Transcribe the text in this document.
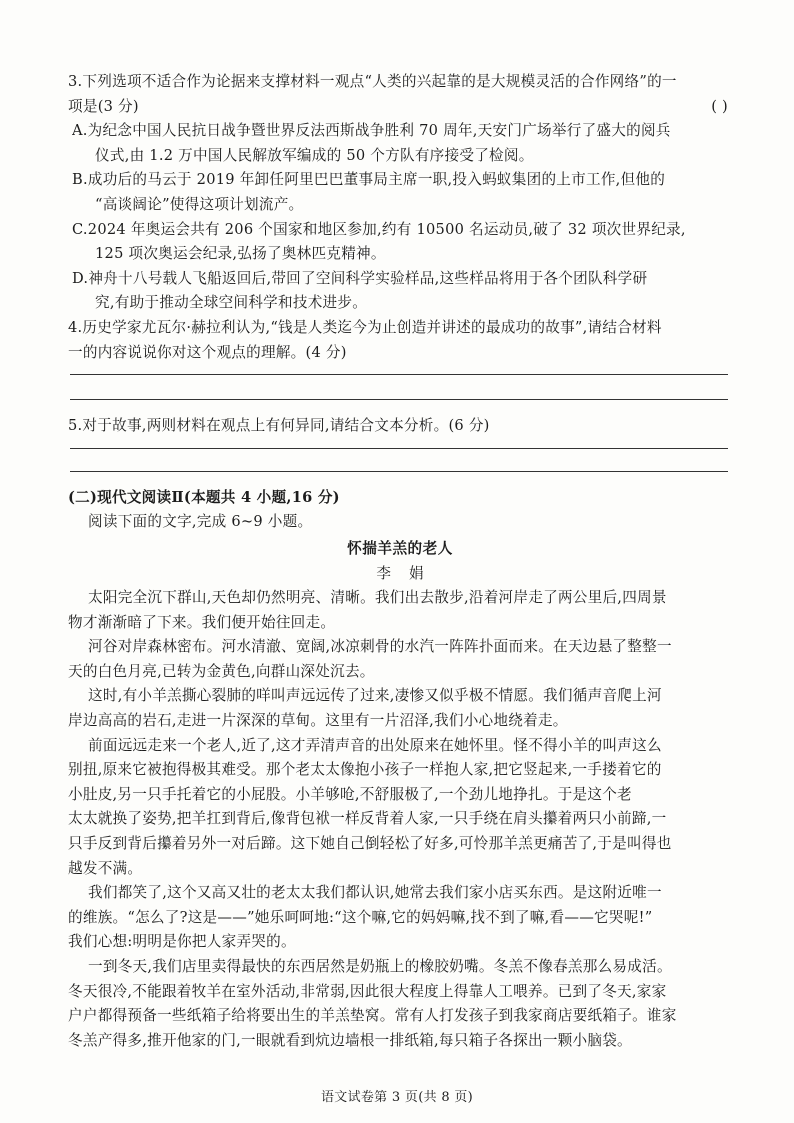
3.下列选项不适合作为论据来支撑材料一观点“人类的兴起靠的是大规模灵活的合作网络”的一
项是(3 分)	( )
A.为纪念中国人民抗日战争暨世界反法西斯战争胜利 70 周年,天安门广场举行了盛大的阅兵
仪式,由 1.2 万中国人民解放军编成的 50 个方队有序接受了检阅。
B.成功后的马云于 2019 年卸任阿里巴巴董事局主席一职,投入蚂蚁集团的上市工作,但他的
“高谈阔论”使得这项计划流产。
C.2024 年奥运会共有 206 个国家和地区参加,约有 10500 名运动员,破了 32 项次世界纪录,
125 项次奥运会纪录,弘扬了奥林匹克精神。
D.神舟十八号载人飞船返回后,带回了空间科学实验样品,这些样品将用于各个团队科学研
究,有助于推动全球空间科学和技术进步。
4.历史学家尤瓦尔·赫拉利认为,“钱是人类迄今为止创造并讲述的最成功的故事”,请结合材料
一的内容说说你对这个观点的理解。(4 分)
5.对于故事,两则材料在观点上有何异同,请结合文本分析。(6 分)
(二)现代文阅读Ⅱ(本题共 4 小题,16 分)
阅读下面的文字,完成 6~9 小题。
怀揣羊羔的老人
李娟
太阳完全沉下群山,天色却仍然明亮、清晰。我们出去散步,沿着河岸走了两公里后,四周景
物才渐渐暗了下来。我们便开始往回走。
河谷对岸森林密布。河水清澈、宽阔,冰凉刺骨的水汽一阵阵扑面而来。在天边悬了整整一
天的白色月亮,已转为金黄色,向群山深处沉去。
这时,有小羊羔撕心裂肺的咩叫声远远传了过来,凄惨又似乎极不情愿。我们循声音爬上河
岸边高高的岩石,走进一片深深的草甸。这里有一片沼泽,我们小心地绕着走。
前面远远走来一个老人,近了,这才弄清声音的出处原来在她怀里。怪不得小羊的叫声这么
别扭,原来它被抱得极其难受。那个老太太像抱小孩子一样抱人家,把它竖起来,一手搂着它的
小肚皮,另一只手托着它的小屁股。小羊够呛,不舒服极了,一个劲儿地挣扎。于是这个老
太太就换了姿势,把羊扛到背后,像背包袱一样反背着人家,一只手绕在肩头攥着两只小前蹄,一
只手反到背后攥着另外一对后蹄。这下她自己倒轻松了好多,可怜那羊羔更痛苦了,于是叫得也
越发不满。
我们都笑了,这个又高又壮的老太太我们都认识,她常去我们家小店买东西。是这附近唯一
的维族。“怎么了?这是——”她乐呵呵地:“这个嘛,它的妈妈嘛,找不到了嘛,看——它哭呢!”
我们心想:明明是你把人家弄哭的。
一到冬天,我们店里卖得最快的东西居然是奶瓶上的橡胶奶嘴。冬羔不像春羔那么易成活。
冬天很冷,不能跟着牧羊在室外活动,非常弱,因此很大程度上得靠人工喂养。已到了冬天,家家
户户都得预备一些纸箱子给将要出生的羊羔垫窝。常有人打发孩子到我家商店要纸箱子。谁家
冬羔产得多,推开他家的门,一眼就看到炕边墙根一排纸箱,每只箱子各探出一颗小脑袋。
语文试卷第 3 页(共 8 页)
